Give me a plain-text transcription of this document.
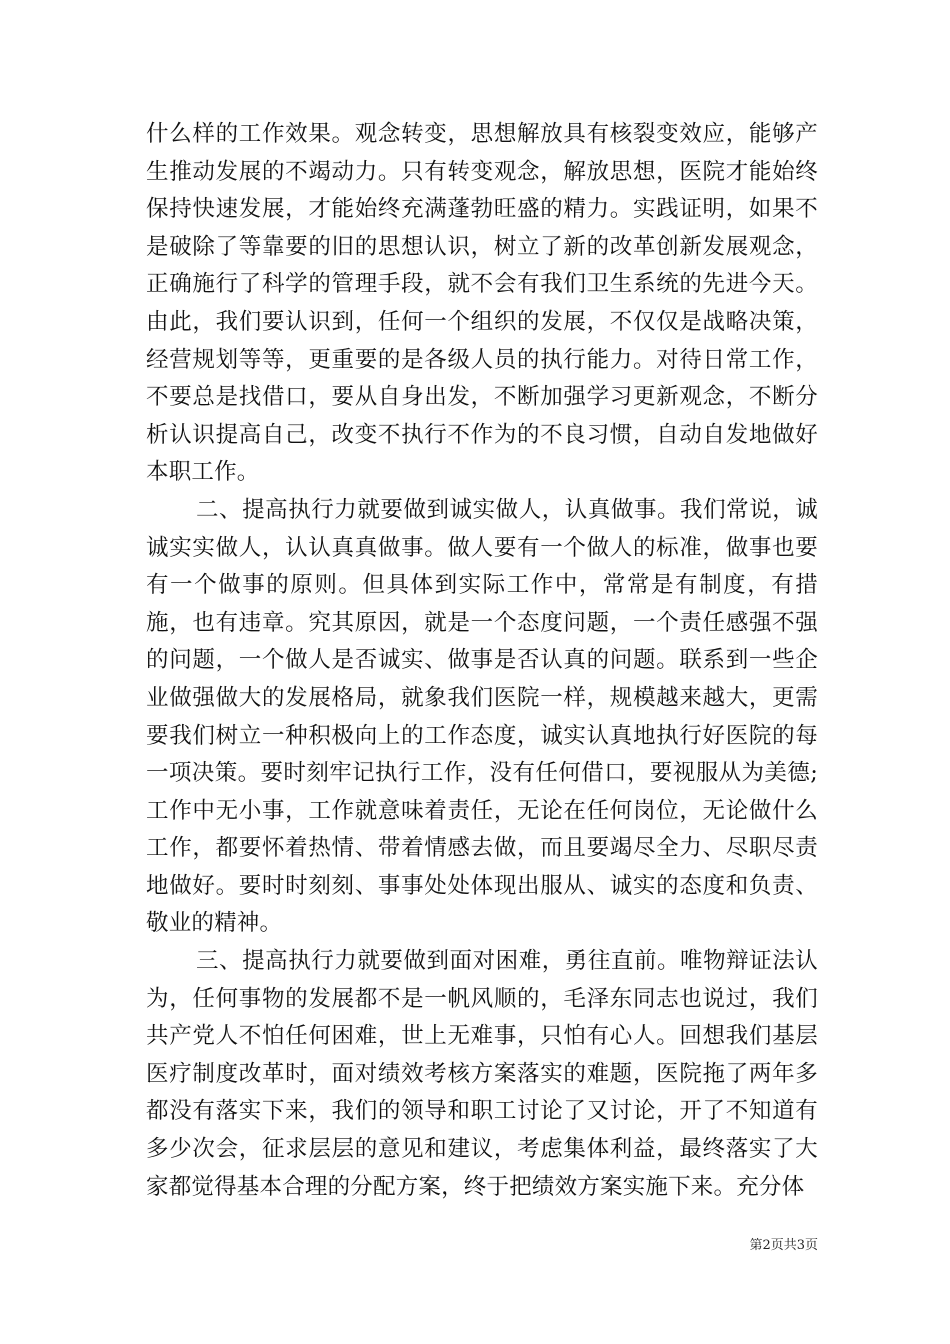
什么样的工作效果。观念转变，思想解放具有核裂变效应，能够产生推动发展的不竭动力。只有转变观念，解放思想，医院才能始终保持快速发展，才能始终充满蓬勃旺盛的精力。实践证明，如果不是破除了等靠要的旧的思想认识，树立了新的改革创新发展观念，正确施行了科学的管理手段，就不会有我们卫生系统的先进今天。由此，我们要认识到，任何一个组织的发展，不仅仅是战略决策，经营规划等等，更重要的是各级人员的执行能力。对待日常工作，不要总是找借口，要从自身出发，不断加强学习更新观念，不断分析认识提高自己，改变不执行不作为的不良习惯，自动自发地做好本职工作。

二、提高执行力就要做到诚实做人，认真做事。我们常说，诚诚实实做人，认认真真做事。做人要有一个做人的标准，做事也要有一个做事的原则。但具体到实际工作中，常常是有制度，有措施，也有违章。究其原因，就是一个态度问题，一个责任感强不强的问题，一个做人是否诚实、做事是否认真的问题。联系到一些企业做强做大的发展格局，就象我们医院一样，规模越来越大，更需要我们树立一种积极向上的工作态度，诚实认真地执行好医院的每一项决策。要时刻牢记执行工作，没有任何借口，要视服从为美德;工作中无小事，工作就意味着责任，无论在任何岗位，无论做什么工作，都要怀着热情、带着情感去做，而且要竭尽全力、尽职尽责地做好。要时时刻刻、事事处处体现出服从、诚实的态度和负责、敬业的精神。

三、提高执行力就要做到面对困难，勇往直前。唯物辩证法认为，任何事物的发展都不是一帆风顺的，毛泽东同志也说过，我们共产党人不怕任何困难，世上无难事，只怕有心人。回想我们基层医疗制度改革时，面对绩效考核方案落实的难题，医院拖了两年多都没有落实下来，我们的领导和职工讨论了又讨论，开了不知道有多少次会，征求层层的意见和建议，考虑集体利益，最终落实了大家都觉得基本合理的分配方案，终于把绩效方案实施下来。充分体

第2页共3页
